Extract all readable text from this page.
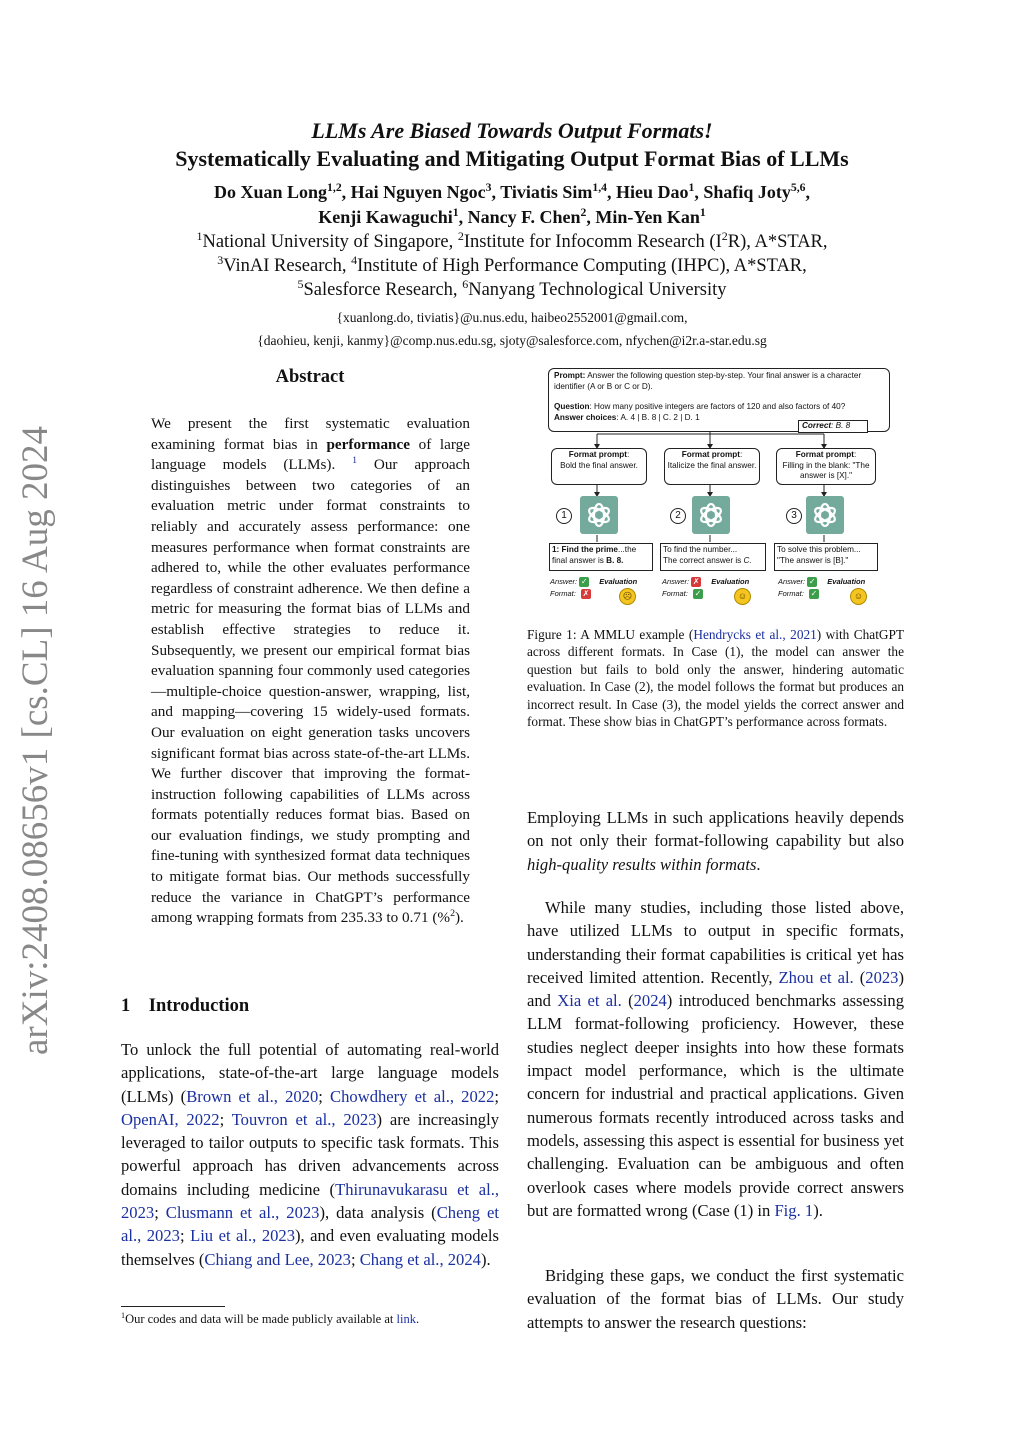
arXiv:2408.08656v1 [cs.CL] 16 Aug 2024
LLMs Are Biased Towards Output Formats!
Systematically Evaluating and Mitigating Output Format Bias of LLMs
Do Xuan Long$^{1,2}$, Hai Nguyen Ngoc$^3$, Tiviatis Sim$^{1,4}$, Hieu Dao$^1$, Shafiq Joty$^{5,6}$,
Kenji Kawaguchi$^1$, Nancy F. Chen$^2$, Min-Yen Kan$^1$
$^1$National University of Singapore, $^2$Institute for Infocomm Research $(I^2R)$, A*STAR,
$^3$VinAI Research, $^4$Institute of High Performance Computing (IHPC), A*STAR,
$^5$Salesforce Research, $^6$Nanyang Technological University
{xuanlong.do, tiviatis}@u.nus.edu, haibeo2552001@gmail.com,
{daohieu, kenji, kanmy}@comp.nus.edu.sg, sjoty@salesforce.com, nfychen@i2r.a-star.edu.sg
Abstract
We present the first systematic evaluation examining format bias in performance of large language models (LLMs). $^1$ Our approach distinguishes between two categories of an evaluation metric under format constraints to reliably and accurately assess performance: one measures performance when format constraints are adhered to, while the other evaluates performance regardless of constraint adherence. We then define a metric for measuring the format bias of LLMs and establish effective strategies to reduce it. Subsequently, we present our empirical format bias evaluation spanning four commonly used categories—multiple-choice question-answer, wrapping, list, and mapping—covering 15 widely-used formats. Our evaluation on eight generation tasks uncovers significant format bias across state-of-the-art LLMs. We further discover that improving the format-instruction following capabilities of LLMs across formats potentially reduces format bias. Based on our evaluation findings, we study prompting and fine-tuning with synthesized format data techniques to mitigate format bias. Our methods successfully reduce the variance in ChatGPT’s performance among wrapping formats from 235.33 to 0.71 (%$^2$).
1 Introduction
To unlock the full potential of automating real-world applications, state-of-the-art large language models (LLMs) (Brown et al., 2020; Chowdhery et al., 2022; OpenAI, 2022; Touvron et al., 2023) are increasingly leveraged to tailor outputs to specific task formats. This powerful approach has driven advancements across domains including medicine (Thirunavukarasu et al., 2023; Clusmann et al., 2023), data analysis (Cheng et al., 2023; Liu et al., 2023), and even evaluating models themselves (Chiang and Lee, 2023; Chang et al., 2024).
$^1$Our codes and data will be made publicly available at link.
Prompt: Answer the following question step-by-step. Your final answer is a character identifier (A or B or C or D).
Question: How many positive integers are factors of 120 and also factors of 40?
Answer choices: A. 4 | B. 8 | C. 2 | D. 1
Correct: B. 8
Format prompt:
Bold the final answer.
Format prompt:
Italicize the final answer.
Format prompt:
Filling in the blank: "The answer is [X]."
1	2	3
1: Find the prime...the
final answer is B. 8.
To find the number...
The correct answer is C.
To solve this problem...
"The answer is [B]."
Answer: ✓ Evaluation
Format: ✗	☹
Answer: ✗ Evaluation
Format: ✓	☺
Answer: ✓ Evaluation
Format: ✓	☺
Figure 1: A MMLU example (Hendrycks et al., 2021) with ChatGPT across different formats. In Case (1), the model can answer the question but fails to bold only the answer, hindering automatic evaluation. In Case (2), the model follows the format but produces an incorrect result. In Case (3), the model yields the correct answer and format. These show bias in ChatGPT’s performance across formats.
Employing LLMs in such applications heavily depends on not only their format-following capability but also high-quality results within formats.
While many studies, including those listed above, have utilized LLMs to output in specific formats, understanding their format capabilities is critical yet has received limited attention. Recently, Zhou et al. (2023) and Xia et al. (2024) introduced benchmarks assessing LLM format-following proficiency. However, these studies neglect deeper insights into how these formats impact model performance, which is the ultimate concern for industrial and practical applications. Given numerous formats recently introduced across tasks and models, assessing this aspect is essential for business yet challenging. Evaluation can be ambiguous and often overlook cases where models provide correct answers but are formatted wrong (Case (1) in Fig. 1).
Bridging these gaps, we conduct the first systematic evaluation of the format bias of LLMs. Our study attempts to answer the research questions:
